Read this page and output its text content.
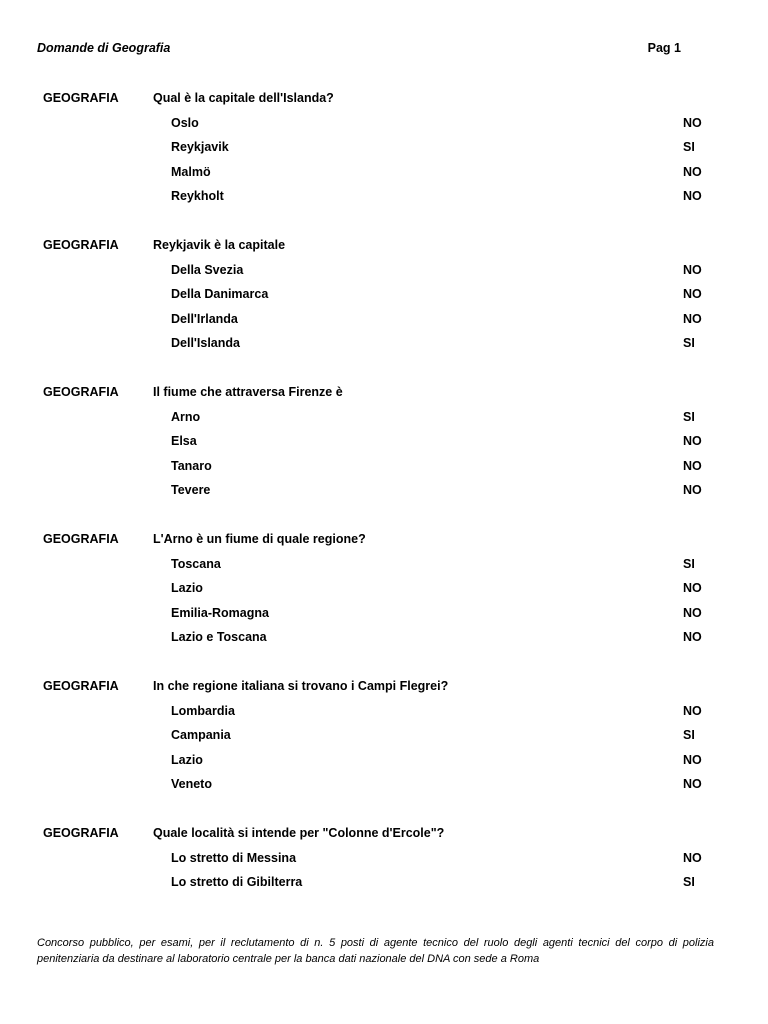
Domande di Geografia	Pag 1
GEOGRAFIA	Qual è la capitale dell'Islanda?
Oslo	NO
Reykjavik	SI
Malmö	NO
Reykholt	NO
GEOGRAFIA	Reykjavik è la capitale
Della Svezia	NO
Della Danimarca	NO
Dell'Irlanda	NO
Dell'Islanda	SI
GEOGRAFIA	Il fiume che attraversa Firenze è
Arno	SI
Elsa	NO
Tanaro	NO
Tevere	NO
GEOGRAFIA	L'Arno è un fiume di quale regione?
Toscana	SI
Lazio	NO
Emilia-Romagna	NO
Lazio e Toscana	NO
GEOGRAFIA	In che regione italiana si trovano i Campi Flegrei?
Lombardia	NO
Campania	SI
Lazio	NO
Veneto	NO
GEOGRAFIA	Quale località si intende per "Colonne d'Ercole"?
Lo stretto di Messina	NO
Lo stretto di Gibilterra	SI
Concorso pubblico, per esami, per il reclutamento di n. 5 posti di agente tecnico del ruolo degli agenti tecnici del corpo di polizia penitenziaria da destinare al laboratorio centrale per la banca dati nazionale del DNA con sede a Roma
